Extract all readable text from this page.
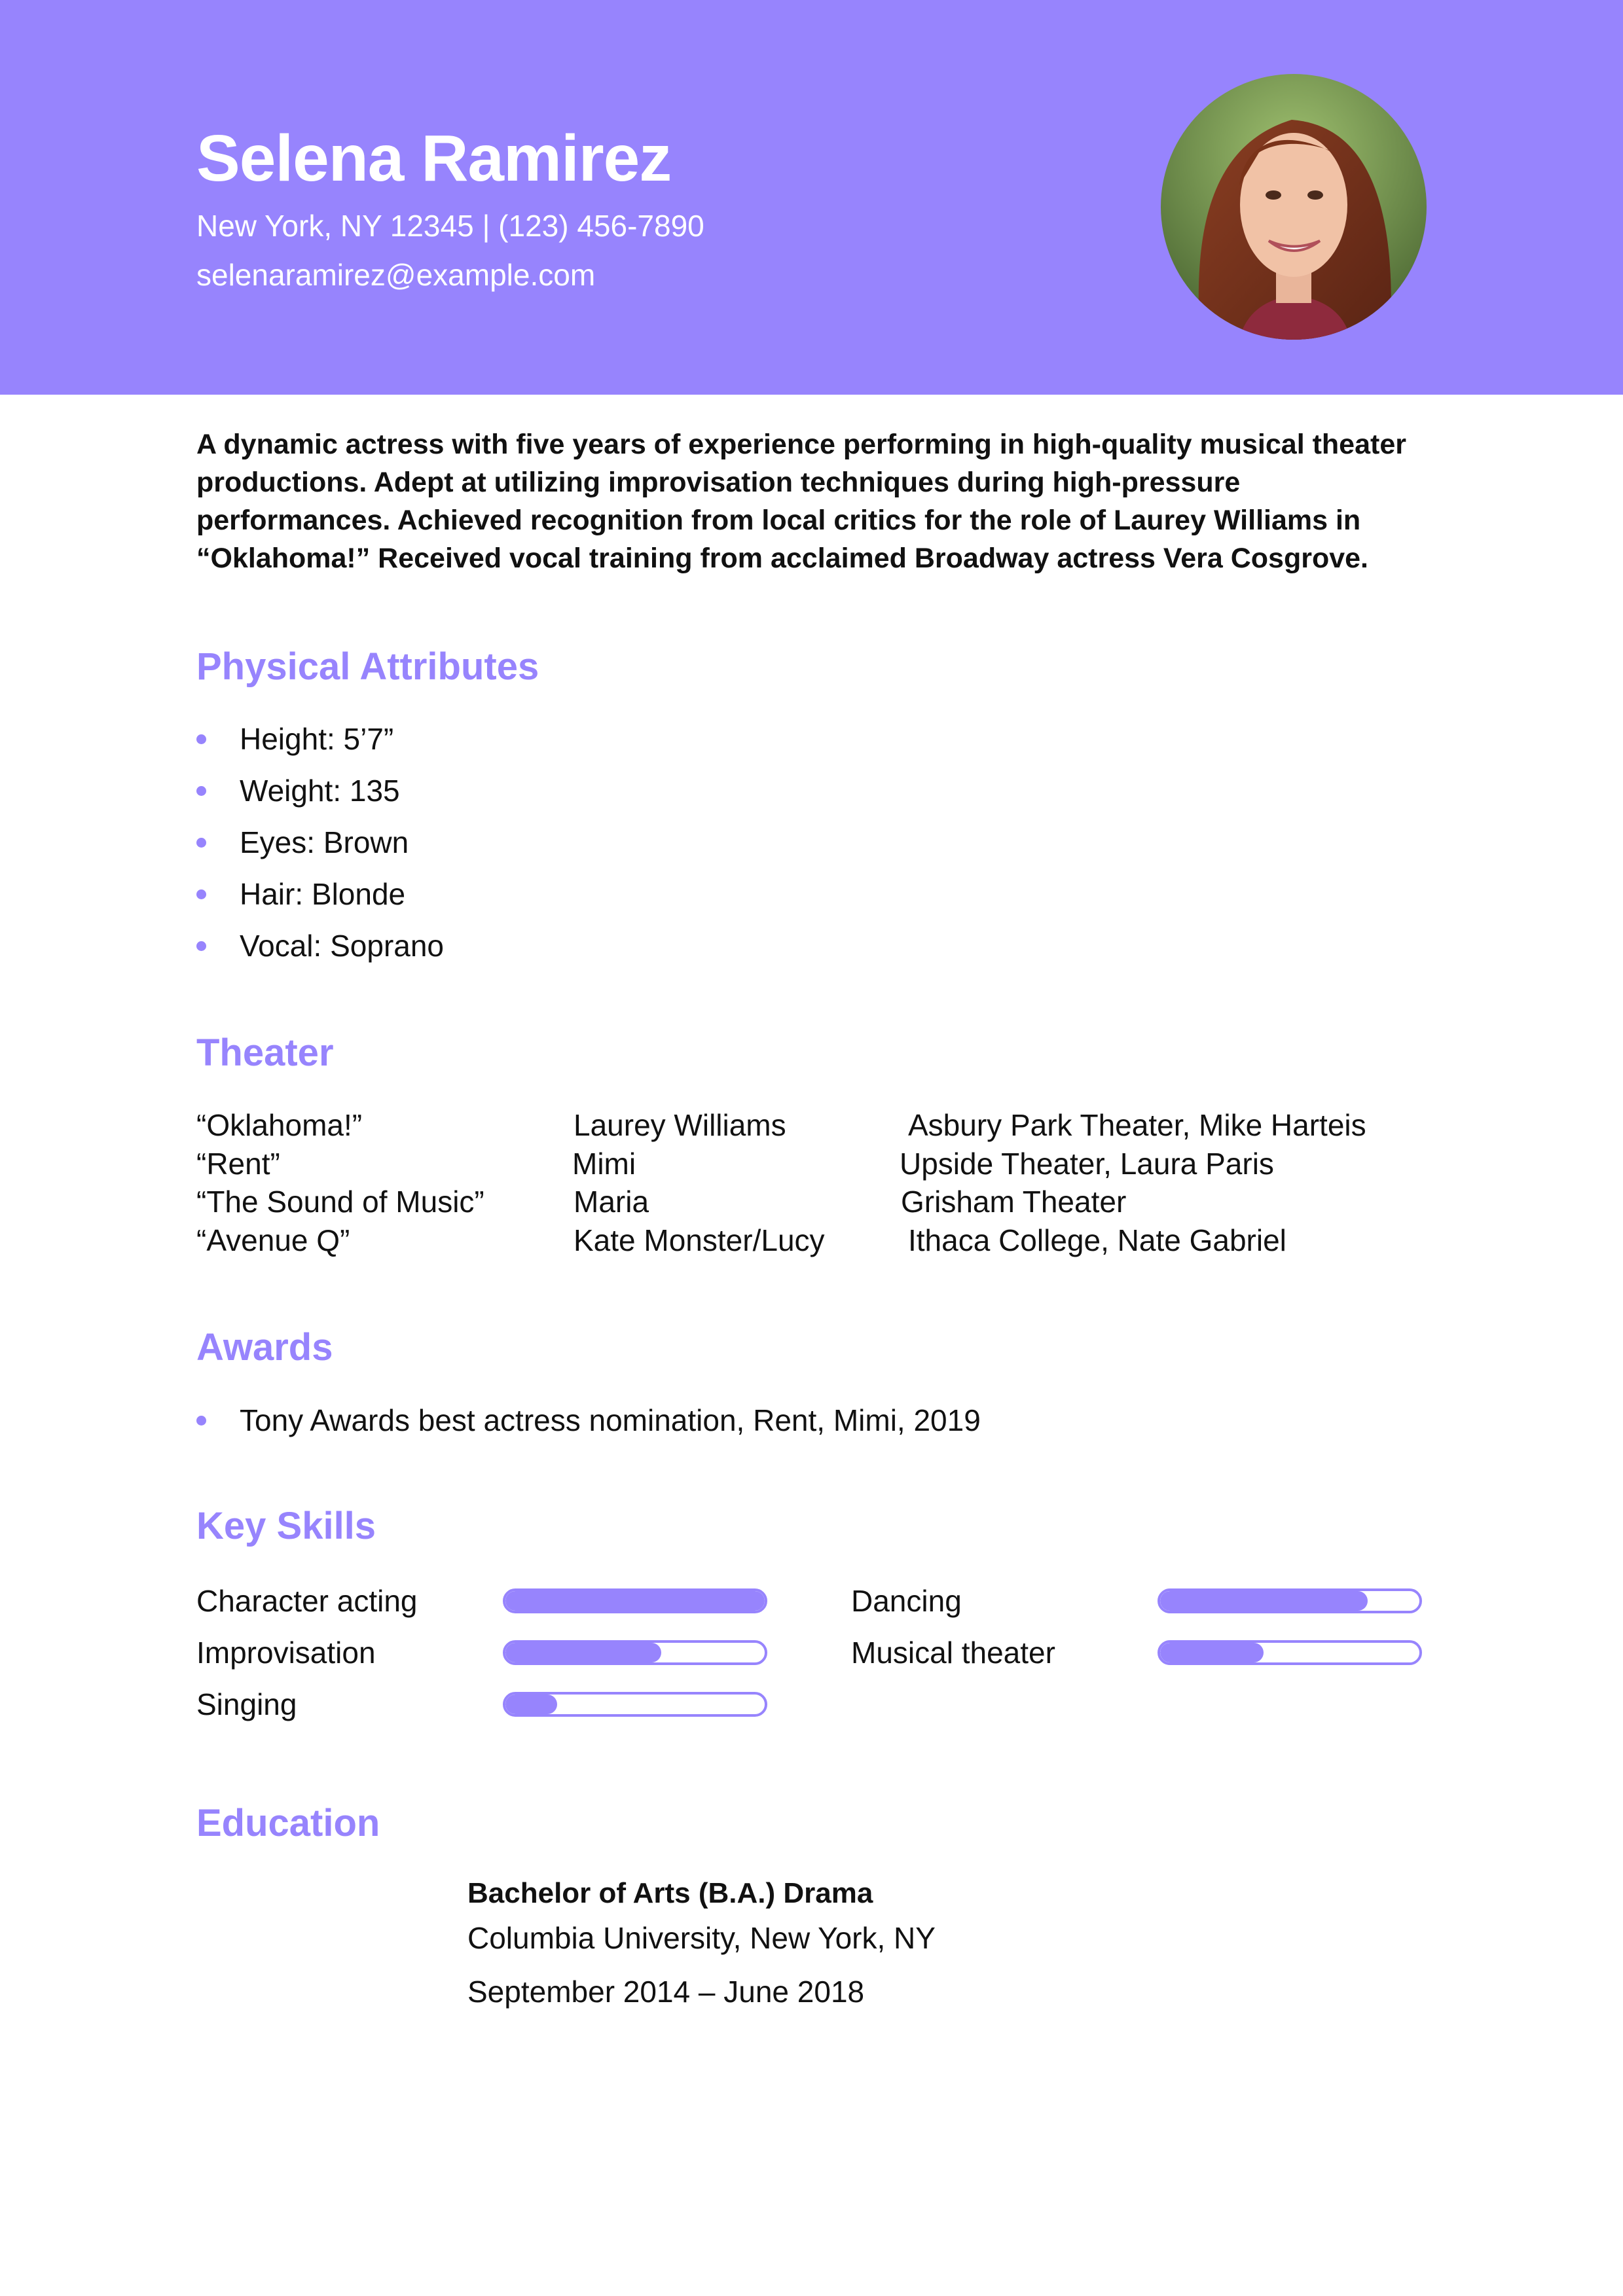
Selena Ramirez
New York, NY 12345 | (123) 456-7890
selenaramirez@example.com
A dynamic actress with five years of experience performing in high-quality musical theater productions. Adept at utilizing improvisation techniques during high-pressure performances. Achieved recognition from local critics for the role of Laurey Williams in “Oklahoma!” Received vocal training from acclaimed Broadway actress Vera Cosgrove.
Physical Attributes
Height: 5’7”
Weight: 135
Eyes: Brown
Hair: Blonde
Vocal: Soprano
Theater
“Oklahoma!”	Laurey Williams	Asbury Park Theater, Mike Harteis
“Rent”	Mimi	Upside Theater, Laura Paris
“The Sound of Music”	Maria	Grisham Theater
“Avenue Q”	Kate Monster/Lucy	Ithaca College, Nate Gabriel
Awards
Tony Awards best actress nomination, Rent, Mimi, 2019
Key Skills
Character acting	Dancing
Improvisation	Musical theater
Singing
Education
Bachelor of Arts (B.A.) Drama
Columbia University, New York, NY
September 2014 – June 2018
